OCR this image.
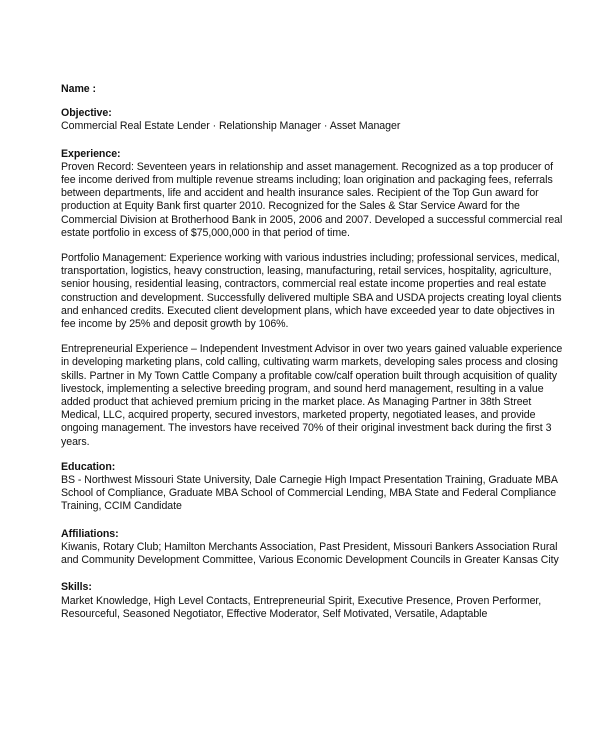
Name :
Objective:
Commercial Real Estate Lender · Relationship Manager · Asset Manager
Experience:
Proven Record: Seventeen years in relationship and asset management. Recognized as a top producer of
fee income derived from multiple revenue streams including; loan origination and packaging fees, referrals
between departments, life and accident and health insurance sales. Recipient of the Top Gun award for
production at Equity Bank first quarter 2010. Recognized for the Sales & Star Service Award for the
Commercial Division at Brotherhood Bank in 2005, 2006 and 2007. Developed a successful commercial real
estate portfolio in excess of $75,000,000 in that period of time.
Portfolio Management: Experience working with various industries including; professional services, medical,
transportation, logistics, heavy construction, leasing, manufacturing, retail services, hospitality, agriculture,
senior housing, residential leasing, contractors, commercial real estate income properties and real estate
construction and development. Successfully delivered multiple SBA and USDA projects creating loyal clients
and enhanced credits. Executed client development plans, which have exceeded year to date objectives in
fee income by 25% and deposit growth by 106%.
Entrepreneurial Experience – Independent Investment Advisor in over two years gained valuable experience
in developing marketing plans, cold calling, cultivating warm markets, developing sales process and closing
skills. Partner in My Town Cattle Company a profitable cow/calf operation built through acquisition of quality
livestock, implementing a selective breeding program, and sound herd management, resulting in a value
added product that achieved premium pricing in the market place. As Managing Partner in 38th Street
Medical, LLC, acquired property, secured investors, marketed property, negotiated leases, and provide
ongoing management. The investors have received 70% of their original investment back during the first 3
years.
Education:
BS - Northwest Missouri State University, Dale Carnegie High Impact Presentation Training, Graduate MBA
School of Compliance, Graduate MBA School of Commercial Lending, MBA State and Federal Compliance
Training, CCIM Candidate
Affiliations:
Kiwanis, Rotary Club; Hamilton Merchants Association, Past President, Missouri Bankers Association Rural
and Community Development Committee, Various Economic Development Councils in Greater Kansas City
Skills:
Market Knowledge, High Level Contacts, Entrepreneurial Spirit, Executive Presence, Proven Performer,
Resourceful, Seasoned Negotiator, Effective Moderator, Self Motivated, Versatile, Adaptable
